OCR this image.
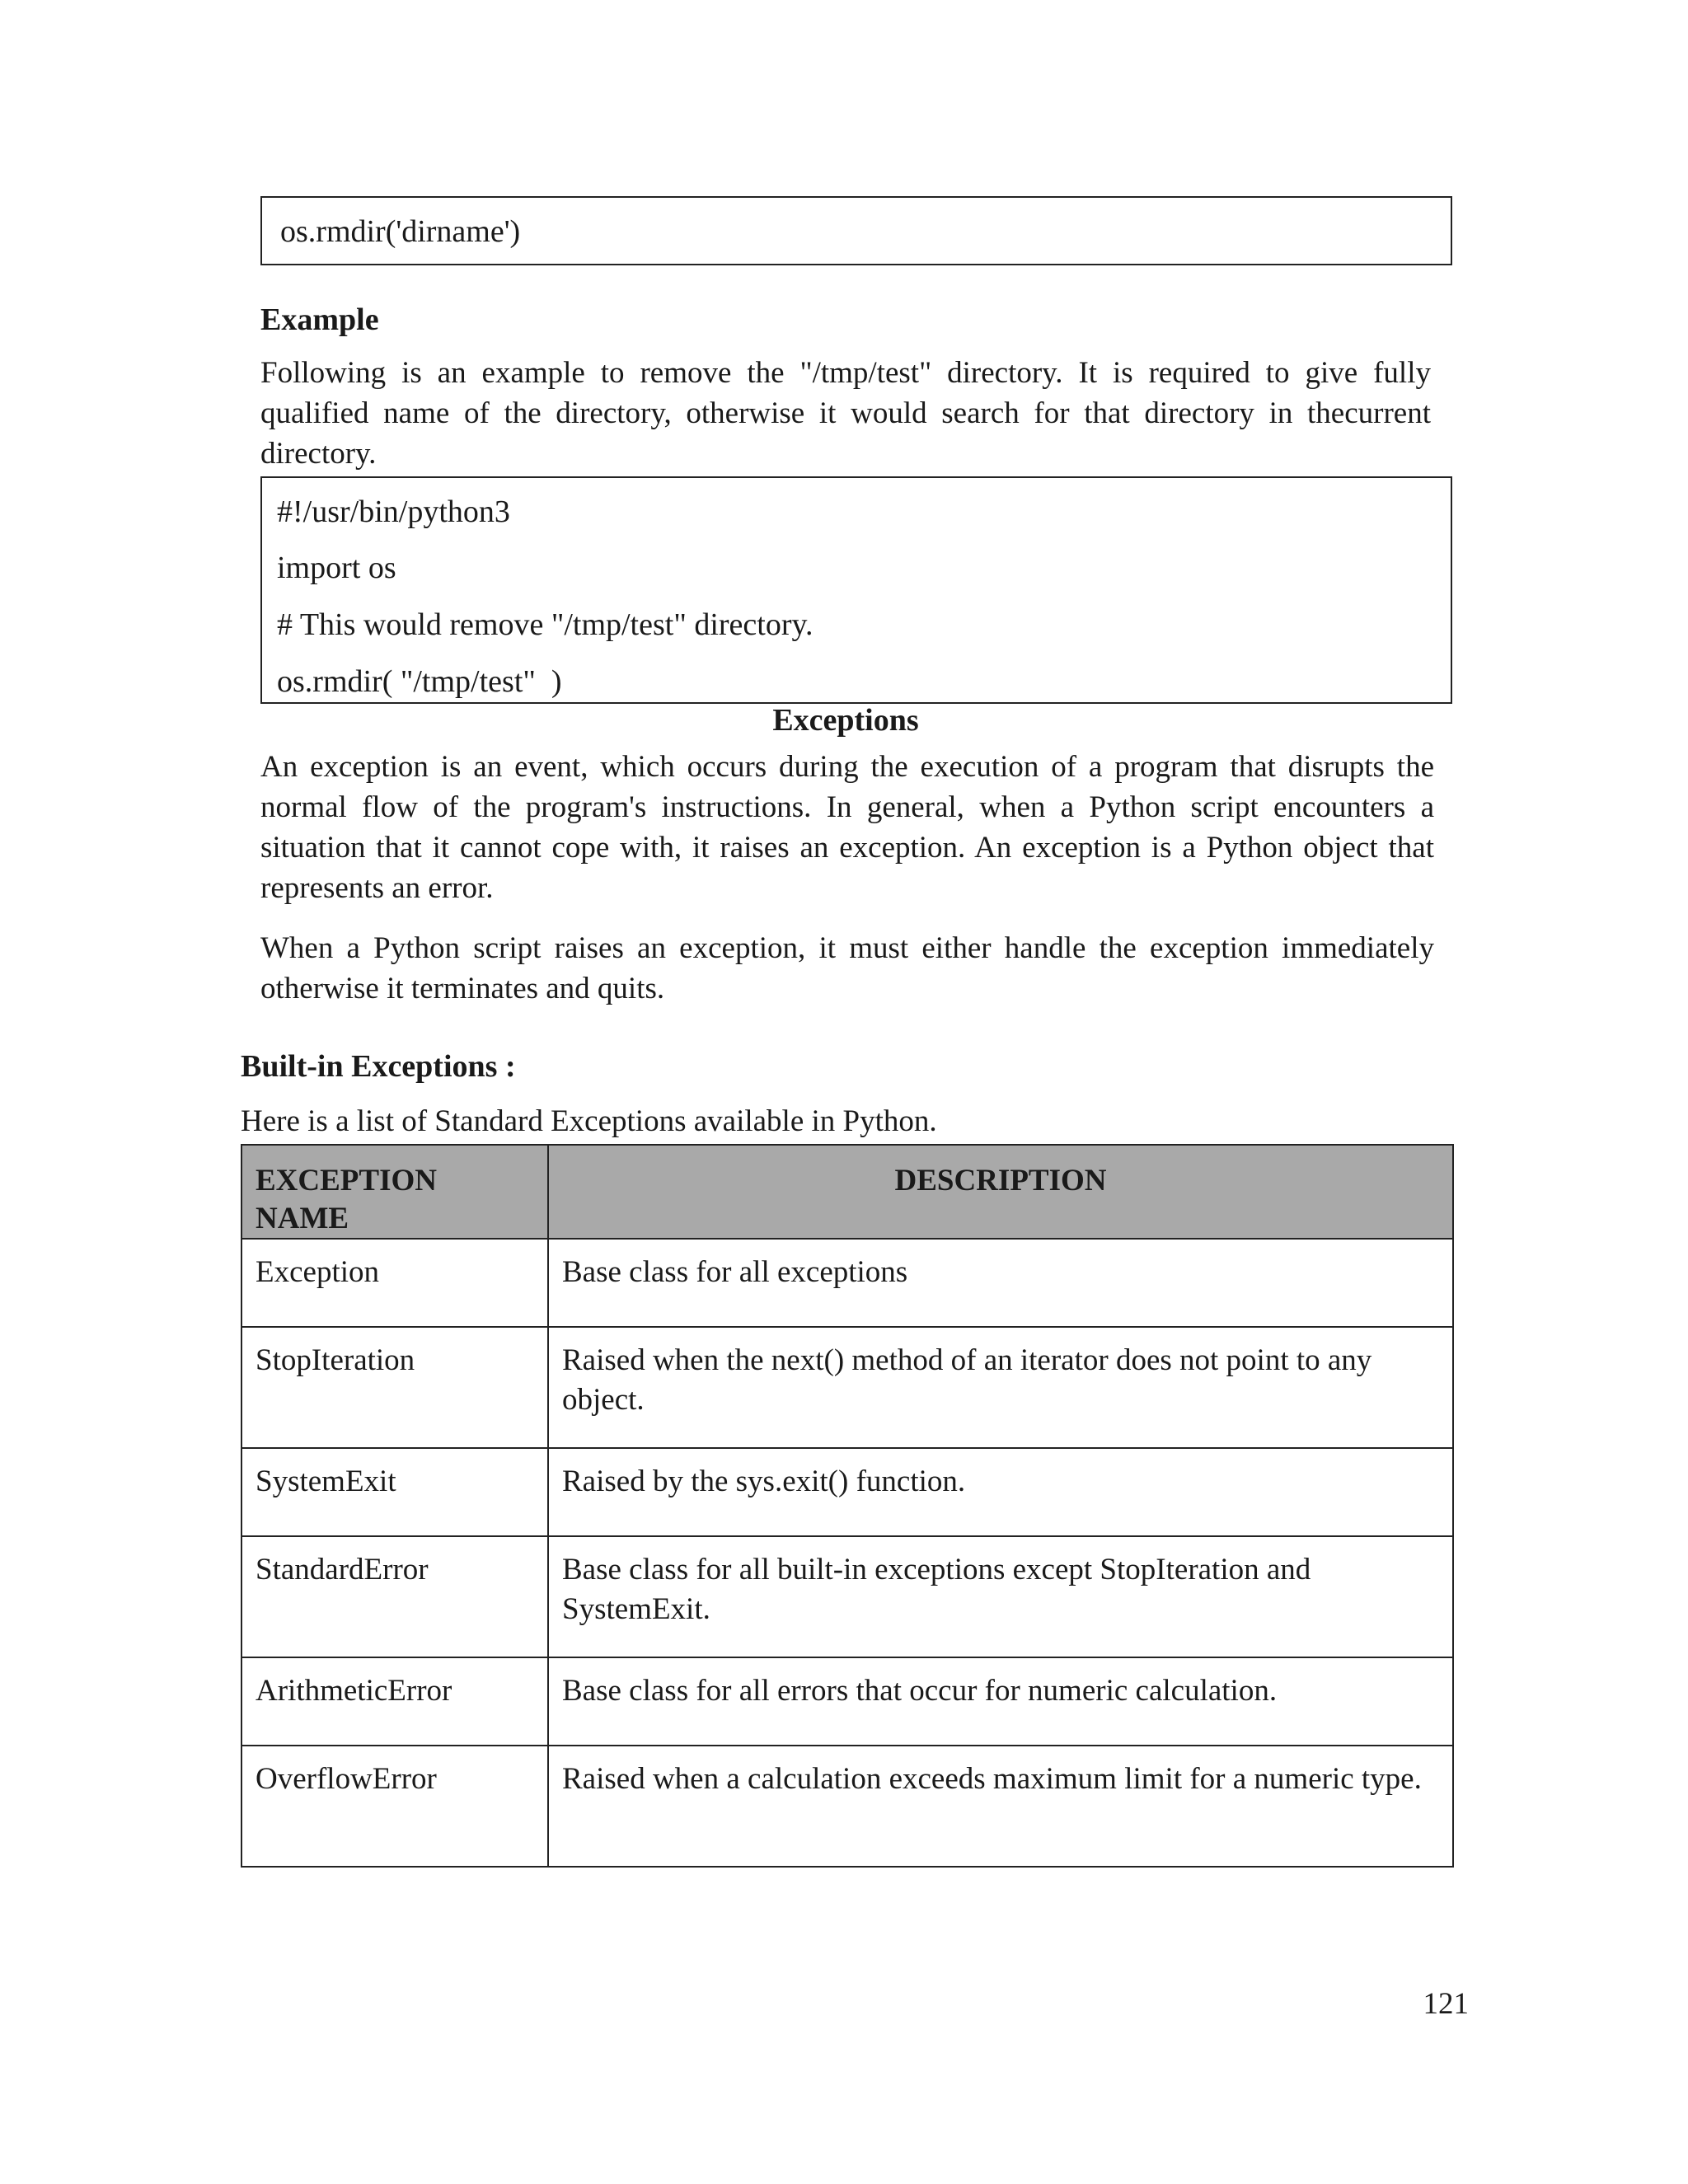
os.rmdir('dirname')
Example
Following is an example to remove the "/tmp/test" directory. It is required to give fully
qualified name of the directory, otherwise it would search for that directory in thecurrent
directory.
#!/usr/bin/python3
import os
# This would remove "/tmp/test" directory.
os.rmdir( "/tmp/test"  )
Exceptions
An exception is an event, which occurs during the execution of a program that disrupts the
normal flow of the program's instructions. In general, when a Python script encounters a
situation that it cannot cope with, it raises an exception. An exception is a Python object that
represents an error.
When a Python script raises an exception, it must either handle the exception immediately
otherwise it terminates and quits.
Built-in Exceptions :
Here is a list of Standard Exceptions available in Python.
EXCEPTION NAME	DESCRIPTION
Exception	Base class for all exceptions
StopIteration	Raised when the next() method of an iterator does not point to any object.
SystemExit	Raised by the sys.exit() function.
StandardError	Base class for all built-in exceptions except StopIteration and SystemExit.
ArithmeticError	Base class for all errors that occur for numeric calculation.
OverflowError	Raised when a calculation exceeds maximum limit for a numeric type.
121
